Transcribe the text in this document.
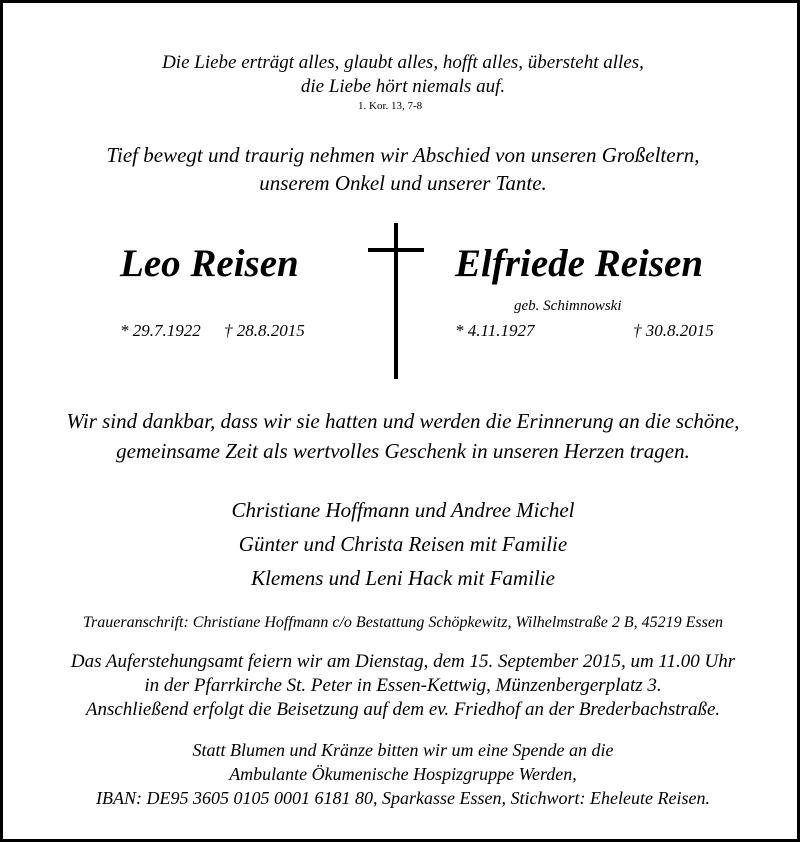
Die Liebe erträgt alles, glaubt alles, hofft alles, übersteht alles,
die Liebe hört niemals auf.
1. Kor. 13, 7-8
Tief bewegt und traurig nehmen wir Abschied von unseren Großeltern,
unserem Onkel und unserer Tante.
Leo Reisen
* 29.7.1922 † 28.8.2015
Elfriede Reisen
geb. Schimnowski
* 4.11.1927	† 30.8.2015
Wir sind dankbar, dass wir sie hatten und werden die Erinnerung an die schöne,
gemeinsame Zeit als wertvolles Geschenk in unseren Herzen tragen.
Christiane Hoffmann und Andree Michel
Günter und Christa Reisen mit Familie
Klemens und Leni Hack mit Familie
Traueranschrift: Christiane Hoffmann c/o Bestattung Schöpkewitz, Wilhelmstraße 2 B, 45219 Essen
Das Auferstehungsamt feiern wir am Dienstag, dem 15. September 2015, um 11.00 Uhr
in der Pfarrkirche St. Peter in Essen-Kettwig, Münzenbergerplatz 3.
Anschließend erfolgt die Beisetzung auf dem ev. Friedhof an der Brederbachstraße.
Statt Blumen und Kränze bitten wir um eine Spende an die
Ambulante Ökumenische Hospizgruppe Werden,
IBAN: DE95 3605 0105 0001 6181 80, Sparkasse Essen, Stichwort: Eheleute Reisen.
